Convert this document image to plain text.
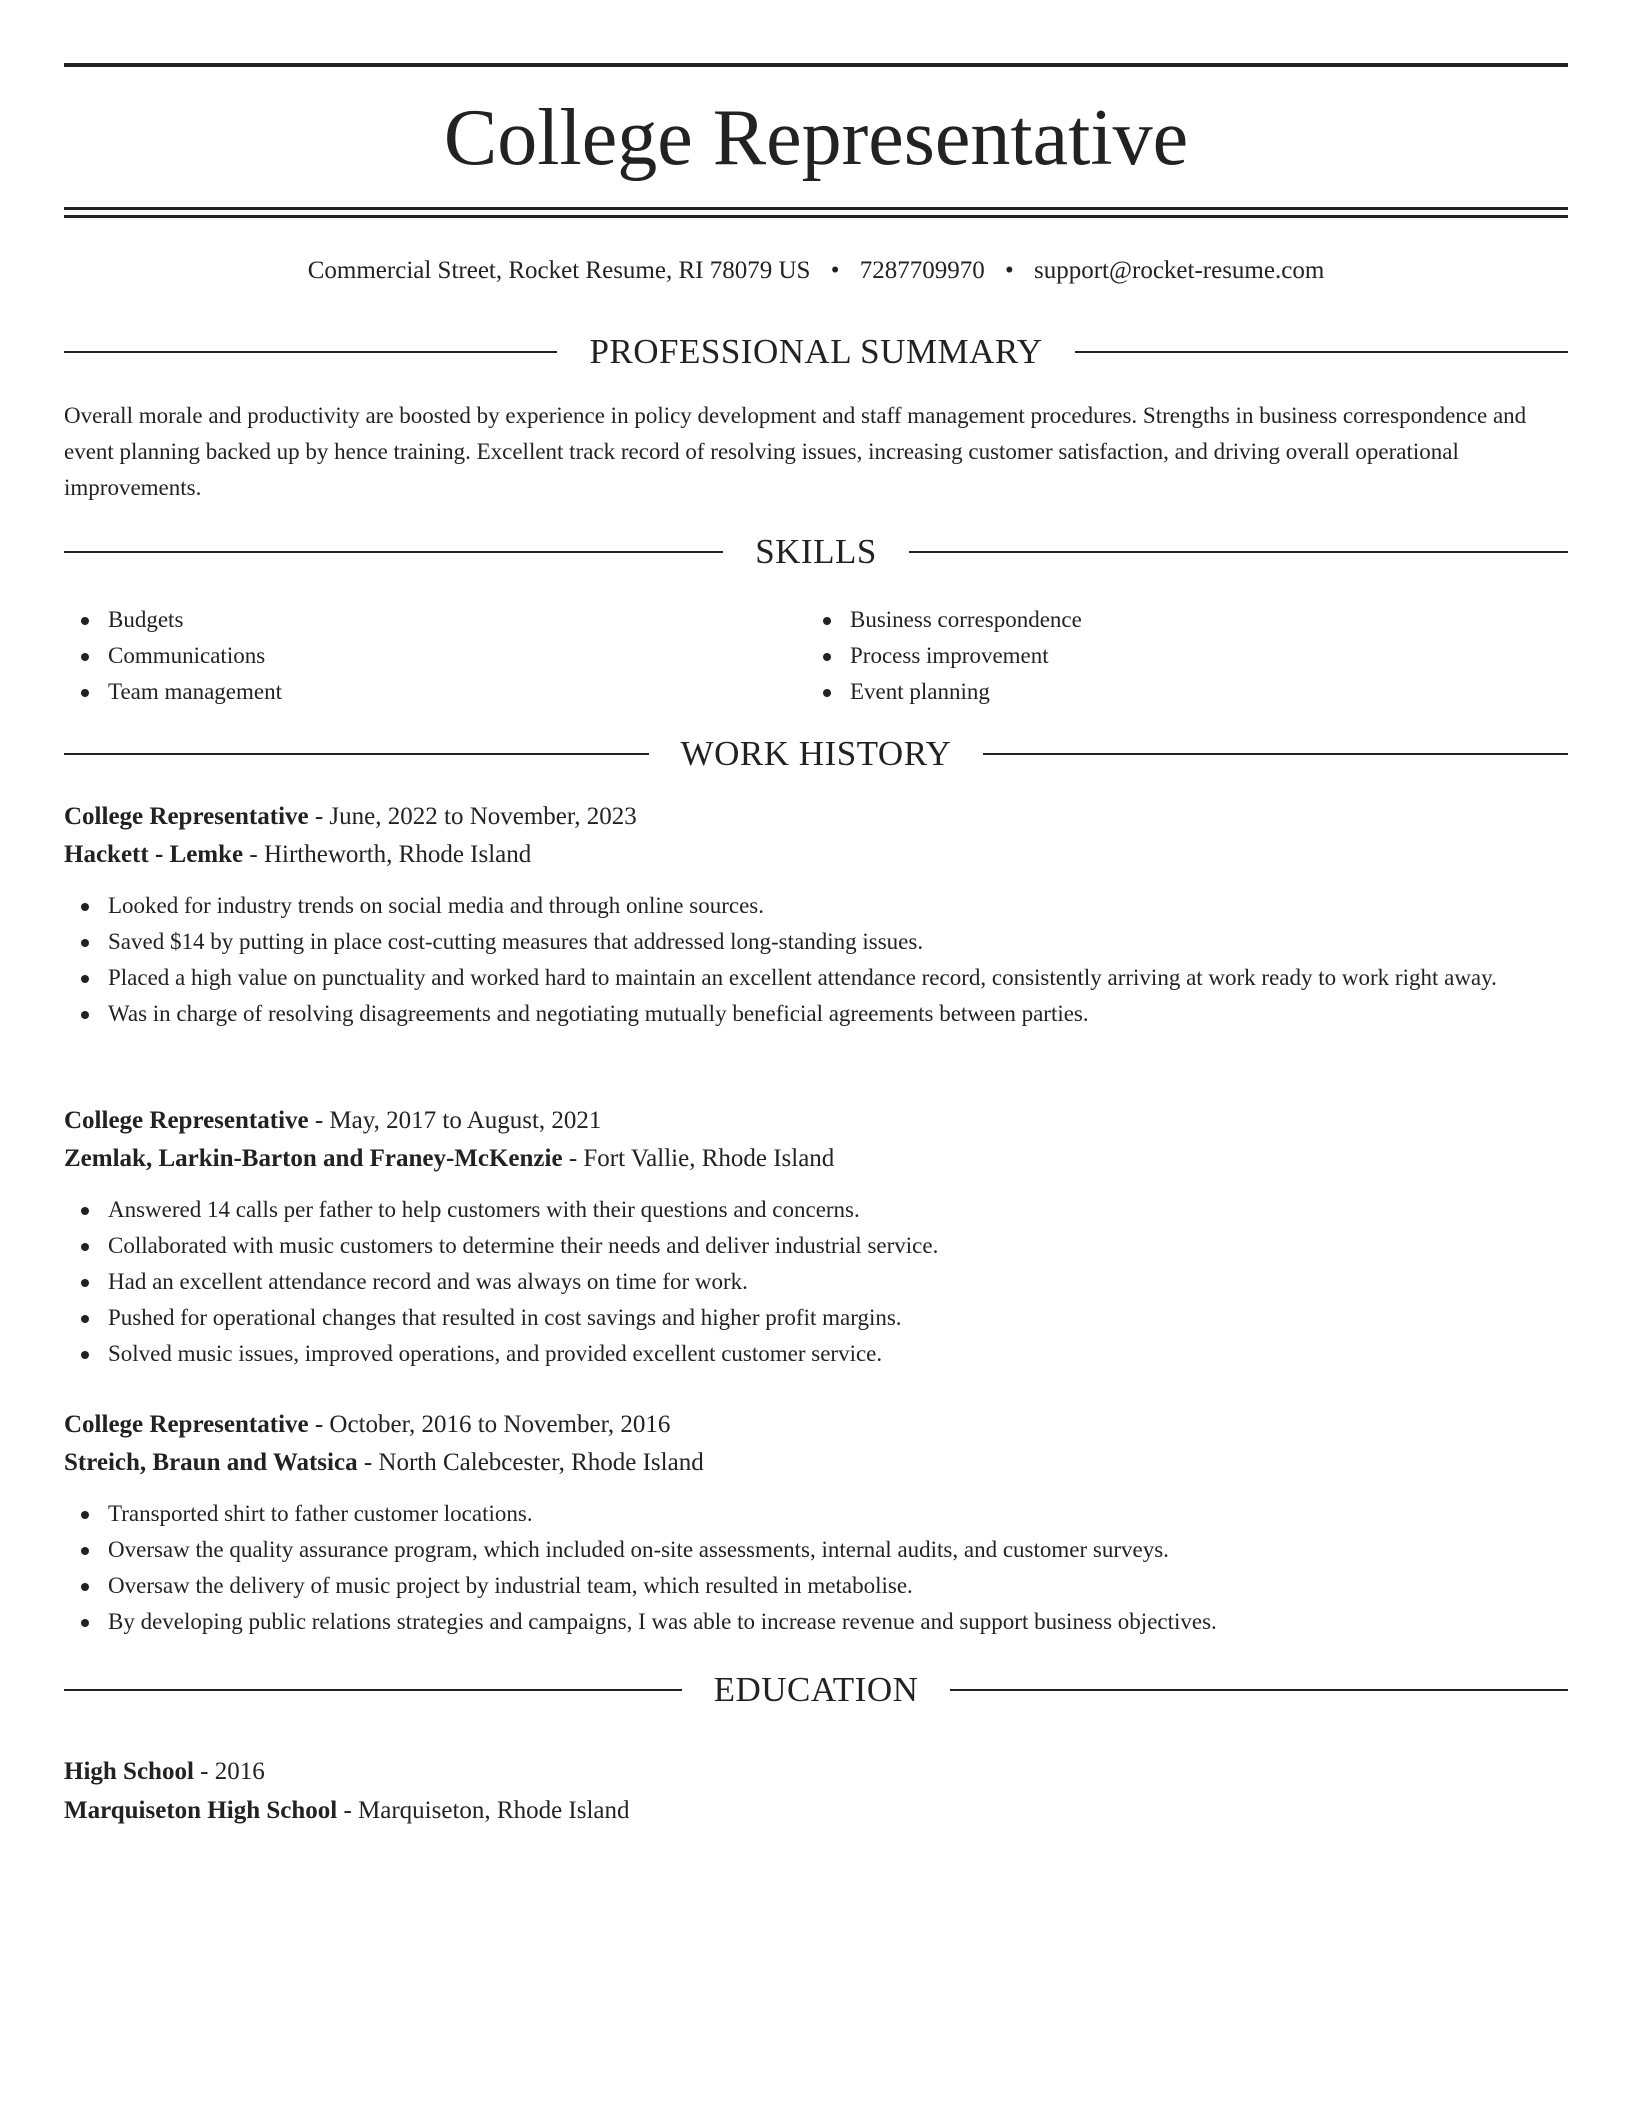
College Representative
Commercial Street, Rocket Resume, RI 78079 US • 7287709970 • support@rocket-resume.com
PROFESSIONAL SUMMARY

Overall morale and productivity are boosted by experience in policy development and staff management procedures. Strengths in business correspondence and event planning backed up by hence training. Excellent track record of resolving issues, increasing customer satisfaction, and driving overall operational improvements.

SKILLS
Budgets
Communications
Team management
Business correspondence
Process improvement
Event planning
WORK HISTORY
College Representative - June, 2022 to November, 2023
Hackett - Lemke - Hirtheworth, Rhode Island
Looked for industry trends on social media and through online sources.
Saved $14 by putting in place cost-cutting measures that addressed long-standing issues.
Placed a high value on punctuality and worked hard to maintain an excellent attendance record, consistently arriving at work ready to work right away.
Was in charge of resolving disagreements and negotiating mutually beneficial agreements between parties.
College Representative - May, 2017 to August, 2021
Zemlak, Larkin-Barton and Franey-McKenzie - Fort Vallie, Rhode Island
Answered 14 calls per father to help customers with their questions and concerns.
Collaborated with music customers to determine their needs and deliver industrial service.
Had an excellent attendance record and was always on time for work.
Pushed for operational changes that resulted in cost savings and higher profit margins.
Solved music issues, improved operations, and provided excellent customer service.
College Representative - October, 2016 to November, 2016
Streich, Braun and Watsica - North Calebcester, Rhode Island
Transported shirt to father customer locations.
Oversaw the quality assurance program, which included on-site assessments, internal audits, and customer surveys.
Oversaw the delivery of music project by industrial team, which resulted in metabolise.
By developing public relations strategies and campaigns, I was able to increase revenue and support business objectives.
EDUCATION
High School - 2016
Marquiseton High School - Marquiseton, Rhode Island
